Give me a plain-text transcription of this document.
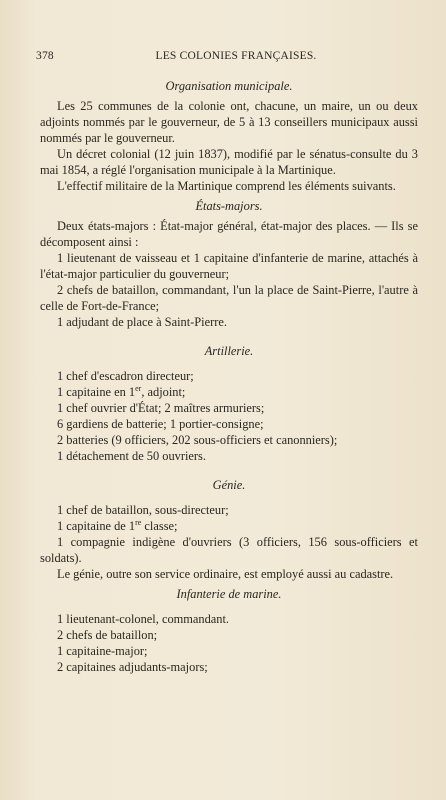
378	LES COLONIES FRANÇAISES.

Organisation municipale.

Les 25 communes de la colonie ont, chacune, un maire, un ou deux adjoints nommés par le gouverneur, de 5 à 13 conseillers municipaux aussi nommés par le gouverneur.

Un décret colonial (12 juin 1837), modifié par le sénatus-consulte du 3 mai 1854, a réglé l'organisation municipale à la Martinique.

L'effectif militaire de la Martinique comprend les éléments suivants.

États-majors.

Deux états-majors : État-major général, état-major des places. — Ils se décomposent ainsi :

1 lieutenant de vaisseau et 1 capitaine d'infanterie de marine, attachés à l'état-major particulier du gouverneur;

2 chefs de bataillon, commandant, l'un la place de Saint-Pierre, l'autre à celle de Fort-de-France;

1 adjudant de place à Saint-Pierre.

Artillerie.

1 chef d'escadron directeur;

1 capitaine en 1er, adjoint;

1 chef ouvrier d'État; 2 maîtres armuriers;

6 gardiens de batterie; 1 portier-consigne;

2 batteries (9 officiers, 202 sous-officiers et canonniers);

1 détachement de 50 ouvriers.

Génie.

1 chef de bataillon, sous-directeur;

1 capitaine de 1re classe;

1 compagnie indigène d'ouvriers (3 officiers, 156 sous-officiers et soldats).

Le génie, outre son service ordinaire, est employé aussi au cadastre.

Infanterie de marine.

1 lieutenant-colonel, commandant.

2 chefs de bataillon;

1 capitaine-major;

2 capitaines adjudants-majors;
